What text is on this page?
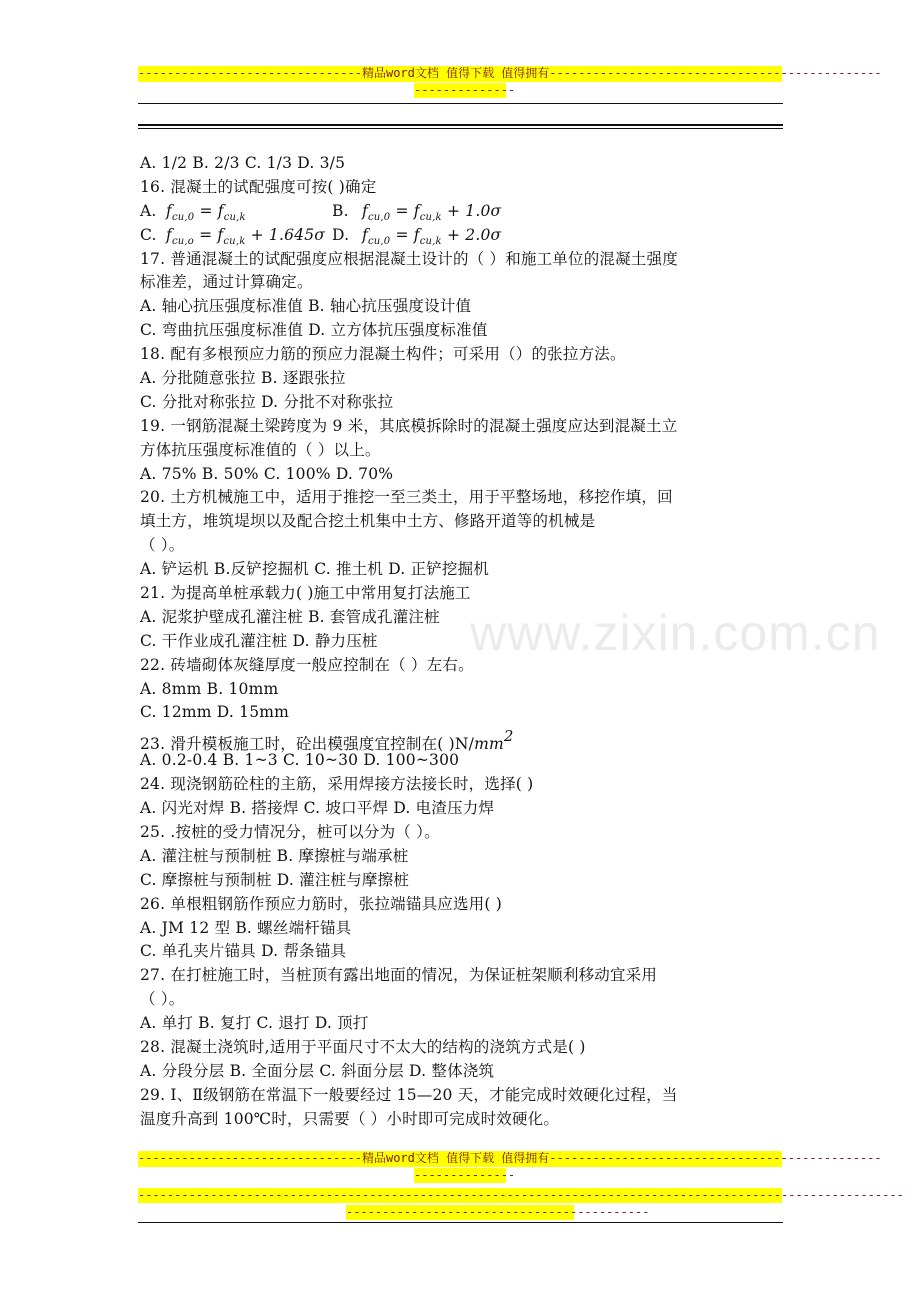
-------------------------------精品word文档 值得下载 值得拥有----------------------------------------------
--------------
www.zixin.com.cn
A. 1/2 B. 2/3 C. 1/3 D. 3/5
16. 混凝土的试配强度可按( )确定
A. $f_{cu,0} = f_{cu,k}$	B. $f_{cu,0} = f_{cu,k} + 1.0\sigma$
C. $f_{cu,o} = f_{cu,k} + 1.645\sigma$ D. $f_{cu,0} = f_{cu,k} + 2.0\sigma$
17. 普通混凝土的试配强度应根据混凝土设计的（ ）和施工单位的混凝土强度
标准差，通过计算确定。
A. 轴心抗压强度标准值 B. 轴心抗压强度设计值
C. 弯曲抗压强度标准值 D. 立方体抗压强度标准值
18. 配有多根预应力筋的预应力混凝土构件；可采用（）的张拉方法。
A. 分批随意张拉 B. 逐跟张拉
C. 分批对称张拉 D. 分批不对称张拉
19. 一钢筋混凝土梁跨度为 9 米，其底模拆除时的混凝土强度应达到混凝土立
方体抗压强度标准值的（ ）以上。
A. 75% B. 50% C. 100% D. 70%
20. 土方机械施工中，适用于推挖一至三类土，用于平整场地，移挖作填，回
填土方，堆筑堤坝以及配合挖土机集中土方、修路开道等的机械是
（ ）。
A. 铲运机 B.反铲挖掘机 C. 推土机 D. 正铲挖掘机
21. 为提高单桩承载力( )施工中常用复打法施工
A. 泥浆护壁成孔灌注桩 B. 套管成孔灌注桩
C. 干作业成孔灌注桩 D. 静力压桩
22. 砖墙砌体灰缝厚度一般应控制在（ ）左右。
A. 8mm B. 10mm
C. 12mm D. 15mm
23. 滑升模板施工时，砼出模强度宜控制在( )N/mm2
A. 0.2-0.4 B. 1~3 C. 10~30 D. 100~300
24. 现浇钢筋砼柱的主筋，采用焊接方法接长时，选择( )
A. 闪光对焊 B. 搭接焊 C. 坡口平焊 D. 电渣压力焊
25. .按桩的受力情况分，桩可以分为（ ）。
A. 灌注桩与预制桩 B. 摩擦桩与端承桩
C. 摩擦桩与预制桩 D. 灌注桩与摩擦桩
26. 单根粗钢筋作预应力筋时，张拉端锚具应选用( )
A. JM 12 型 B. 螺丝端杆锚具
C. 单孔夹片锚具 D. 帮条锚具
27. 在打桩施工时，当桩顶有露出地面的情况，为保证桩架顺利移动宜采用
（ ）。
A. 单打 B. 复打 C. 退打 D. 顶打
28. 混凝土浇筑时,适用于平面尺寸不太大的结构的浇筑方式是( )
A. 分段分层 B. 全面分层 C. 斜面分层 D. 整体浇筑
29. Ⅰ、Ⅱ级钢筋在常温下一般要经过 15—20 天，才能完成时效硬化过程，当
温度升高到 100℃时，只需要（ ）小时即可完成时效硬化。
-------------------------------精品word文档 值得下载 值得拥有----------------------------------------------
--------------
----------------------------------------------------------------------------------------------------------
------------------------------------------
